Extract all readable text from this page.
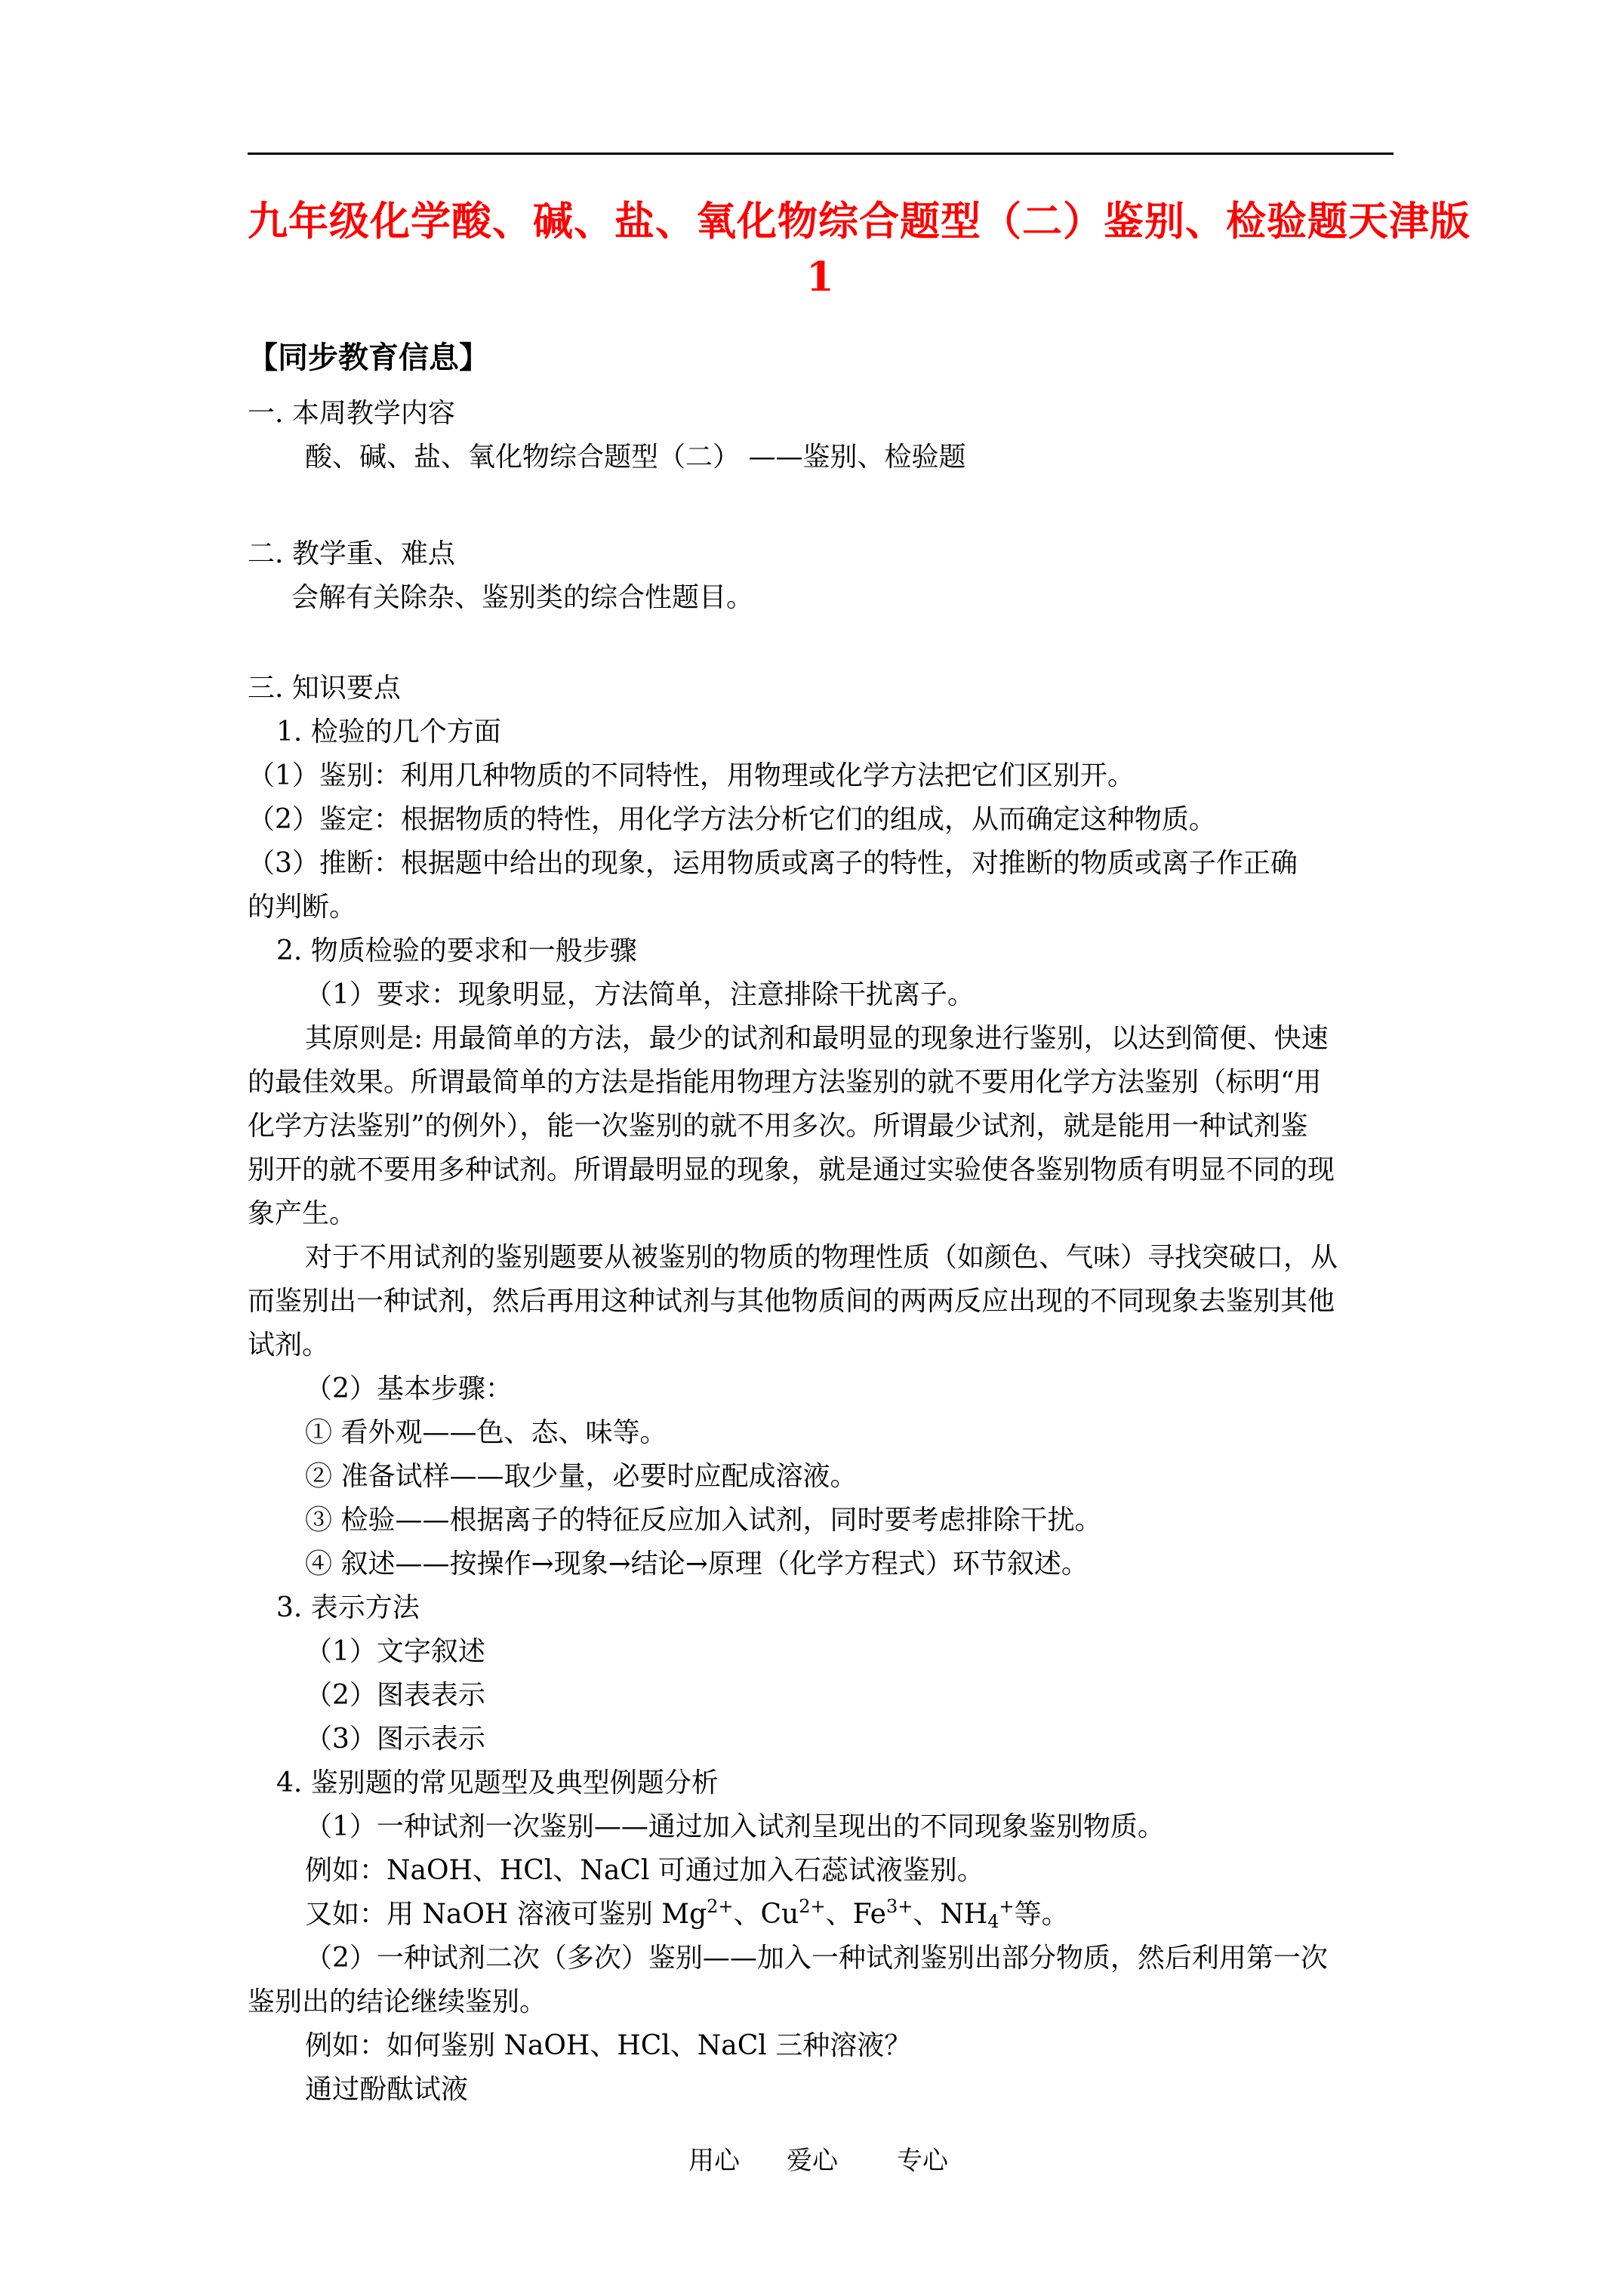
九年级化学酸、碱、盐、氧化物综合题型（二）鉴别、检验题天津版
1
【同步教育信息】
一. 本周教学内容
酸、碱、盐、氧化物综合题型（二） ——鉴别、检验题
二. 教学重、难点
会解有关除杂、鉴别类的综合性题目。
三. 知识要点
1. 检验的几个方面
（1）鉴别：利用几种物质的不同特性，用物理或化学方法把它们区别开。
（2）鉴定：根据物质的特性，用化学方法分析它们的组成，从而确定这种物质。
（3）推断：根据题中给出的现象，运用物质或离子的特性，对推断的物质或离子作正确
的判断。
2. 物质检验的要求和一般步骤
（1）要求：现象明显，方法简单，注意排除干扰离子。
其原则是: 用最简单的方法，最少的试剂和最明显的现象进行鉴别，以达到简便、快速
的最佳效果。所谓最简单的方法是指能用物理方法鉴别的就不要用化学方法鉴别（标明“用
化学方法鉴别”的例外），能一次鉴别的就不用多次。所谓最少试剂，就是能用一种试剂鉴
别开的就不要用多种试剂。所谓最明显的现象，就是通过实验使各鉴别物质有明显不同的现
象产生。
对于不用试剂的鉴别题要从被鉴别的物质的物理性质（如颜色、气味）寻找突破口，从
而鉴别出一种试剂，然后再用这种试剂与其他物质间的两两反应出现的不同现象去鉴别其他
试剂。
（2）基本步骤：
① 看外观——色、态、味等。
② 准备试样——取少量，必要时应配成溶液。
③ 检验——根据离子的特征反应加入试剂，同时要考虑排除干扰。
④ 叙述——按操作→现象→结论→原理（化学方程式）环节叙述。
3. 表示方法
（1）文字叙述
（2）图表表示
（3）图示表示
4. 鉴别题的常见题型及典型例题分析
（1）一种试剂一次鉴别——通过加入试剂呈现出的不同现象鉴别物质。
例如：NaOH、HCl、NaCl 可通过加入石蕊试液鉴别。
又如：用 NaOH 溶液可鉴别 $Mg^{2+}$、$Cu^{2+}$、$Fe^{3+}$、$NH_4^+$等。
（2）一种试剂二次（多次）鉴别——加入一种试剂鉴别出部分物质，然后利用第一次
鉴别出的结论继续鉴别。
例如：如何鉴别 NaOH、HCl、NaCl 三种溶液？
通过酚酞试液
用心 爱心 专心
